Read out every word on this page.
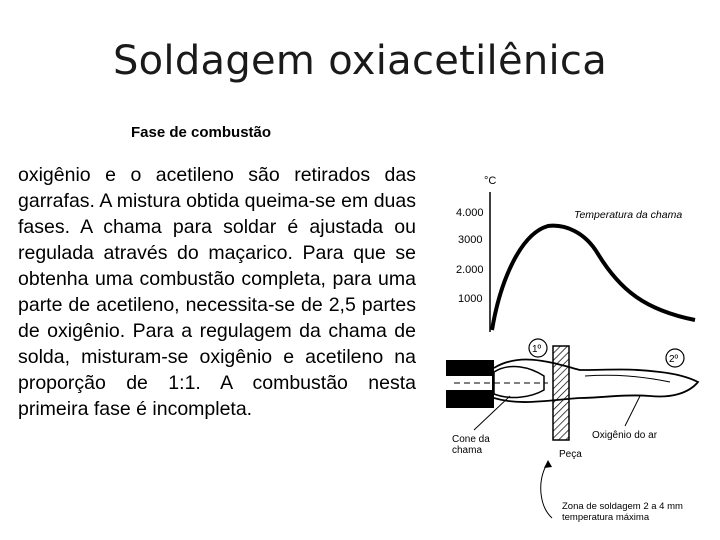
Soldagem oxiacetilênica
Fase de combustão
oxigênio e o acetileno são retirados das garrafas. A mistura obtida queima-se em duas fases. A chama para soldar é ajustada ou regulada através do maçarico. Para que se obtenha uma combustão completa, para uma parte de acetileno, necessita-se de 2,5 partes de oxigênio. Para a regulagem da chama de solda, misturam-se oxigênio e acetileno na proporção de 1:1. A combustão nesta primeira fase é incompleta.
°C
4.000
3000
2.000
1000
Temperatura da chama
1º
2º
Cone da
chama
Oxigênio do ar
Peça
Zona de soldagem 2 a 4 mm
temperatura máxima
